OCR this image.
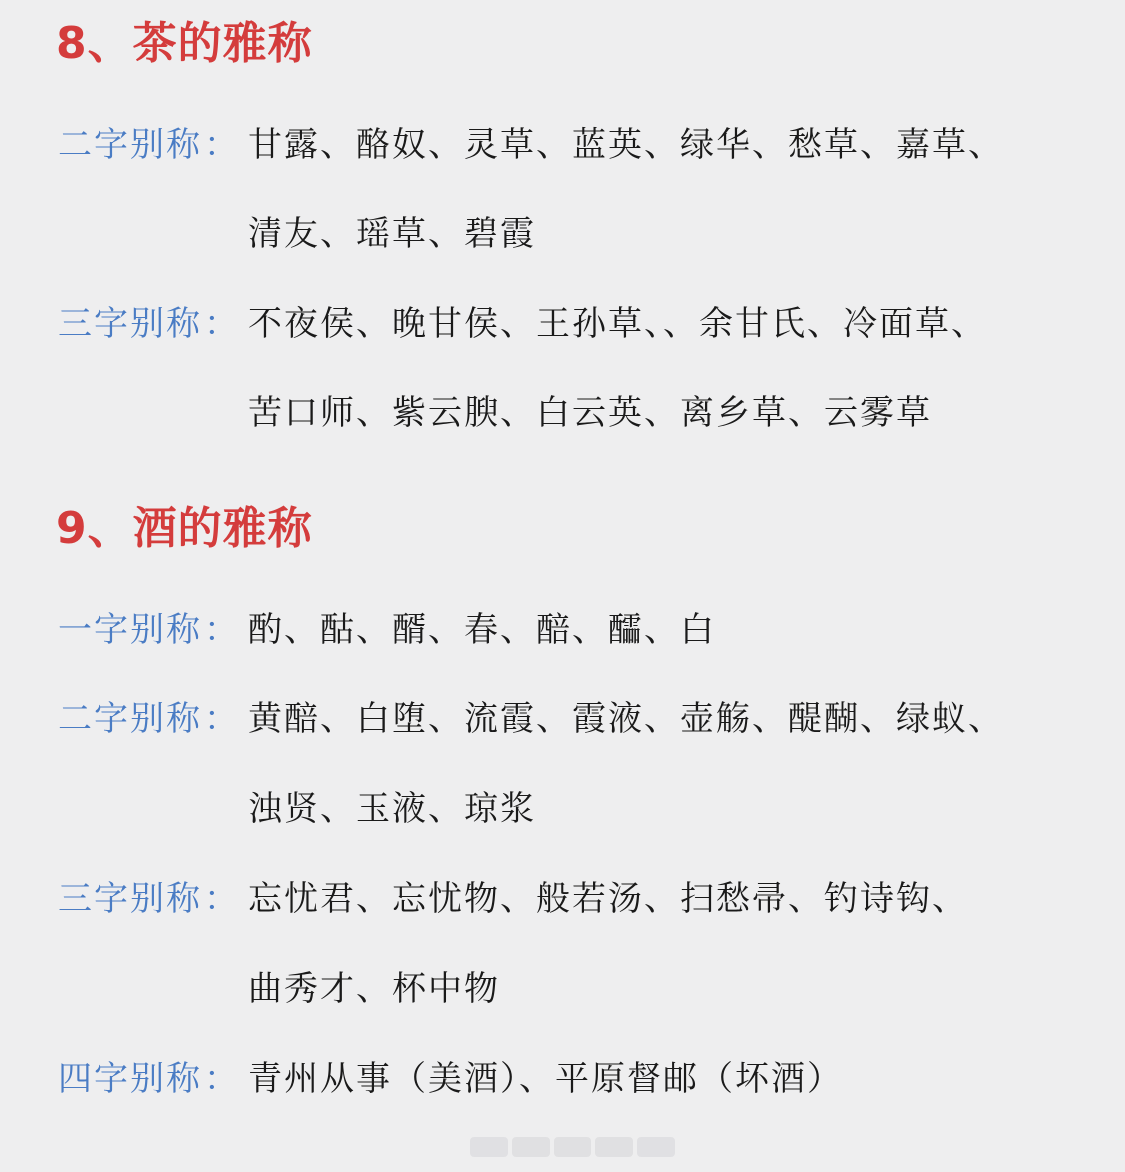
8、茶的雅称
二字别称： 甘露、酪奴、灵草、蓝英、绿华、愁草、嘉草、
清友、瑶草、碧霞
三字别称： 不夜侯、晚甘侯、王孙草、、余甘氏、冷面草、
苦口师、紫云腴、白云英、离乡草、云雾草
9、酒的雅称
一字别称： 酌、酤、醑、春、醅、醽、白
二字别称： 黄醅、白堕、流霞、霞液、壶觞、醍醐、绿蚁、
浊贤、玉液、琼浆
三字别称： 忘忧君、忘忧物、般若汤、扫愁帚、钓诗钩、
曲秀才、杯中物
四字别称： 青州从事（美酒）、平原督邮（坏酒）
